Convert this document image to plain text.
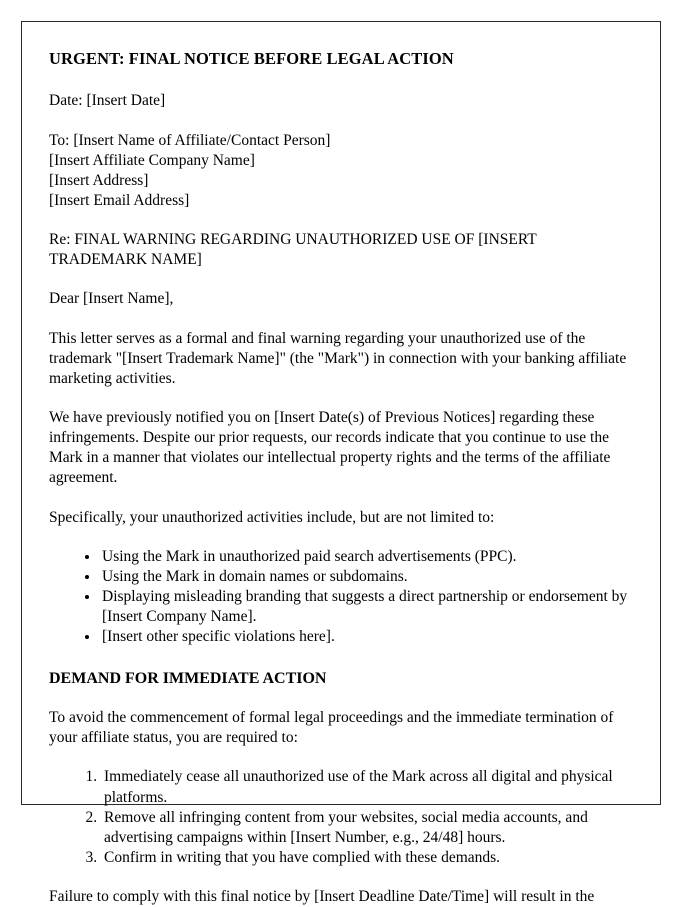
URGENT: FINAL NOTICE BEFORE LEGAL ACTION

Date: [Insert Date]

To: [Insert Name of Affiliate/Contact Person]
[Insert Affiliate Company Name]
[Insert Address]
[Insert Email Address]

Re: FINAL WARNING REGARDING UNAUTHORIZED USE OF [INSERT TRADEMARK NAME]

Dear [Insert Name],

This letter serves as a formal and final warning regarding your unauthorized use of the trademark "[Insert Trademark Name]" (the "Mark") in connection with your banking affiliate marketing activities.

We have previously notified you on [Insert Date(s) of Previous Notices] regarding these infringements. Despite our prior requests, our records indicate that you continue to use the Mark in a manner that violates our intellectual property rights and the terms of the affiliate agreement.

Specifically, your unauthorized activities include, but are not limited to:

• Using the Mark in unauthorized paid search advertisements (PPC).
• Using the Mark in domain names or subdomains.
• Displaying misleading branding that suggests a direct partnership or endorsement by [Insert Company Name].
• [Insert other specific violations here].
DEMAND FOR IMMEDIATE ACTION

To avoid the commencement of formal legal proceedings and the immediate termination of your affiliate status, you are required to:

1. Immediately cease all unauthorized use of the Mark across all digital and physical platforms.
2. Remove all infringing content from your websites, social media accounts, and advertising campaigns within [Insert Number, e.g., 24/48] hours.
3. Confirm in writing that you have complied with these demands.

Failure to comply with this final notice by [Insert Deadline Date/Time] will result in the
